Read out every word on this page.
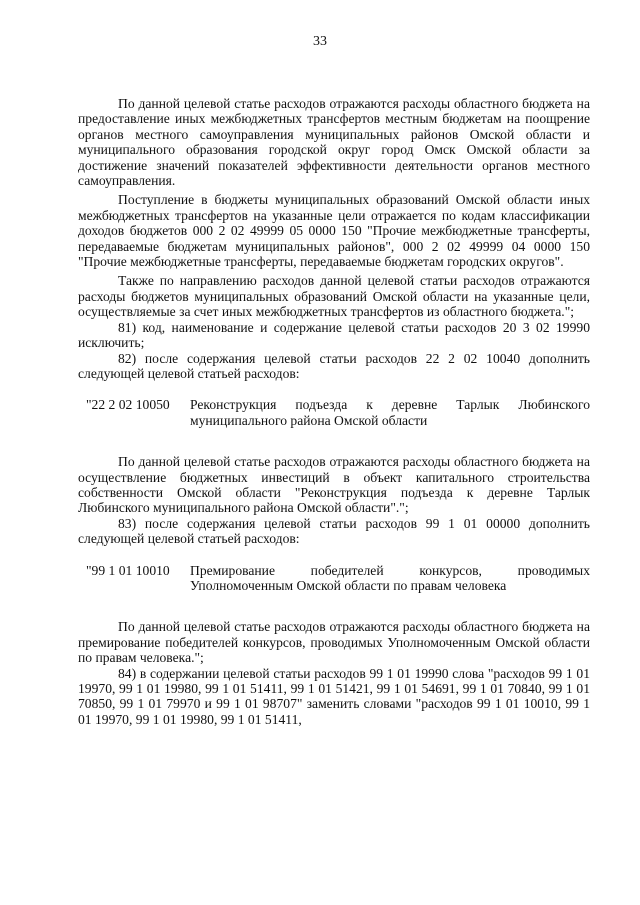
33

По данной целевой статье расходов отражаются расходы областного бюджета на предоставление иных межбюджетных трансфертов местным бюджетам на поощрение органов местного самоуправления муниципальных районов Омской области и муниципального образования городской округ город Омск Омской области за достижение значений показателей эффективности деятельности органов местного самоуправления.

Поступление в бюджеты муниципальных образований Омской области иных межбюджетных трансфертов на указанные цели отражается по кодам классификации доходов бюджетов 000 2 02 49999 05 0000 150 "Прочие межбюджетные трансферты, передаваемые бюджетам муниципальных районов", 000 2 02 49999 04 0000 150 "Прочие межбюджетные трансферты, передаваемые бюджетам городских округов".

Также по направлению расходов данной целевой статьи расходов отражаются расходы бюджетов муниципальных образований Омской области на указанные цели, осуществляемые за счет иных межбюджетных трансфертов из областного бюджета.";

81) код, наименование и содержание целевой статьи расходов 20 3 02 19990 исключить;

82) после содержания целевой статьи расходов 22 2 02 10040 дополнить следующей целевой статьей расходов:

"22 2 02 10050	Реконструкция подъезда к деревне Тарлык Любинского муниципального района Омской области

По данной целевой статье расходов отражаются расходы областного бюджета на осуществление бюджетных инвестиций в объект капитального строительства собственности Омской области "Реконструкция подъезда к деревне Тарлык Любинского муниципального района Омской области".";

83) после содержания целевой статьи расходов 99 1 01 00000 дополнить следующей целевой статьей расходов:

"99 1 01 10010	Премирование победителей конкурсов, проводимых Уполномоченным Омской области по правам человека

По данной целевой статье расходов отражаются расходы областного бюджета на премирование победителей конкурсов, проводимых Уполномоченным Омской области по правам человека.";

84) в содержании целевой статьи расходов 99 1 01 19990 слова "расходов 99 1 01 19970, 99 1 01 19980, 99 1 01 51411, 99 1 01 51421, 99 1 01 54691, 99 1 01 70840, 99 1 01 70850, 99 1 01 79970 и 99 1 01 98707" заменить словами "расходов 99 1 01 10010, 99 1 01 19970, 99 1 01 19980, 99 1 01 51411,
